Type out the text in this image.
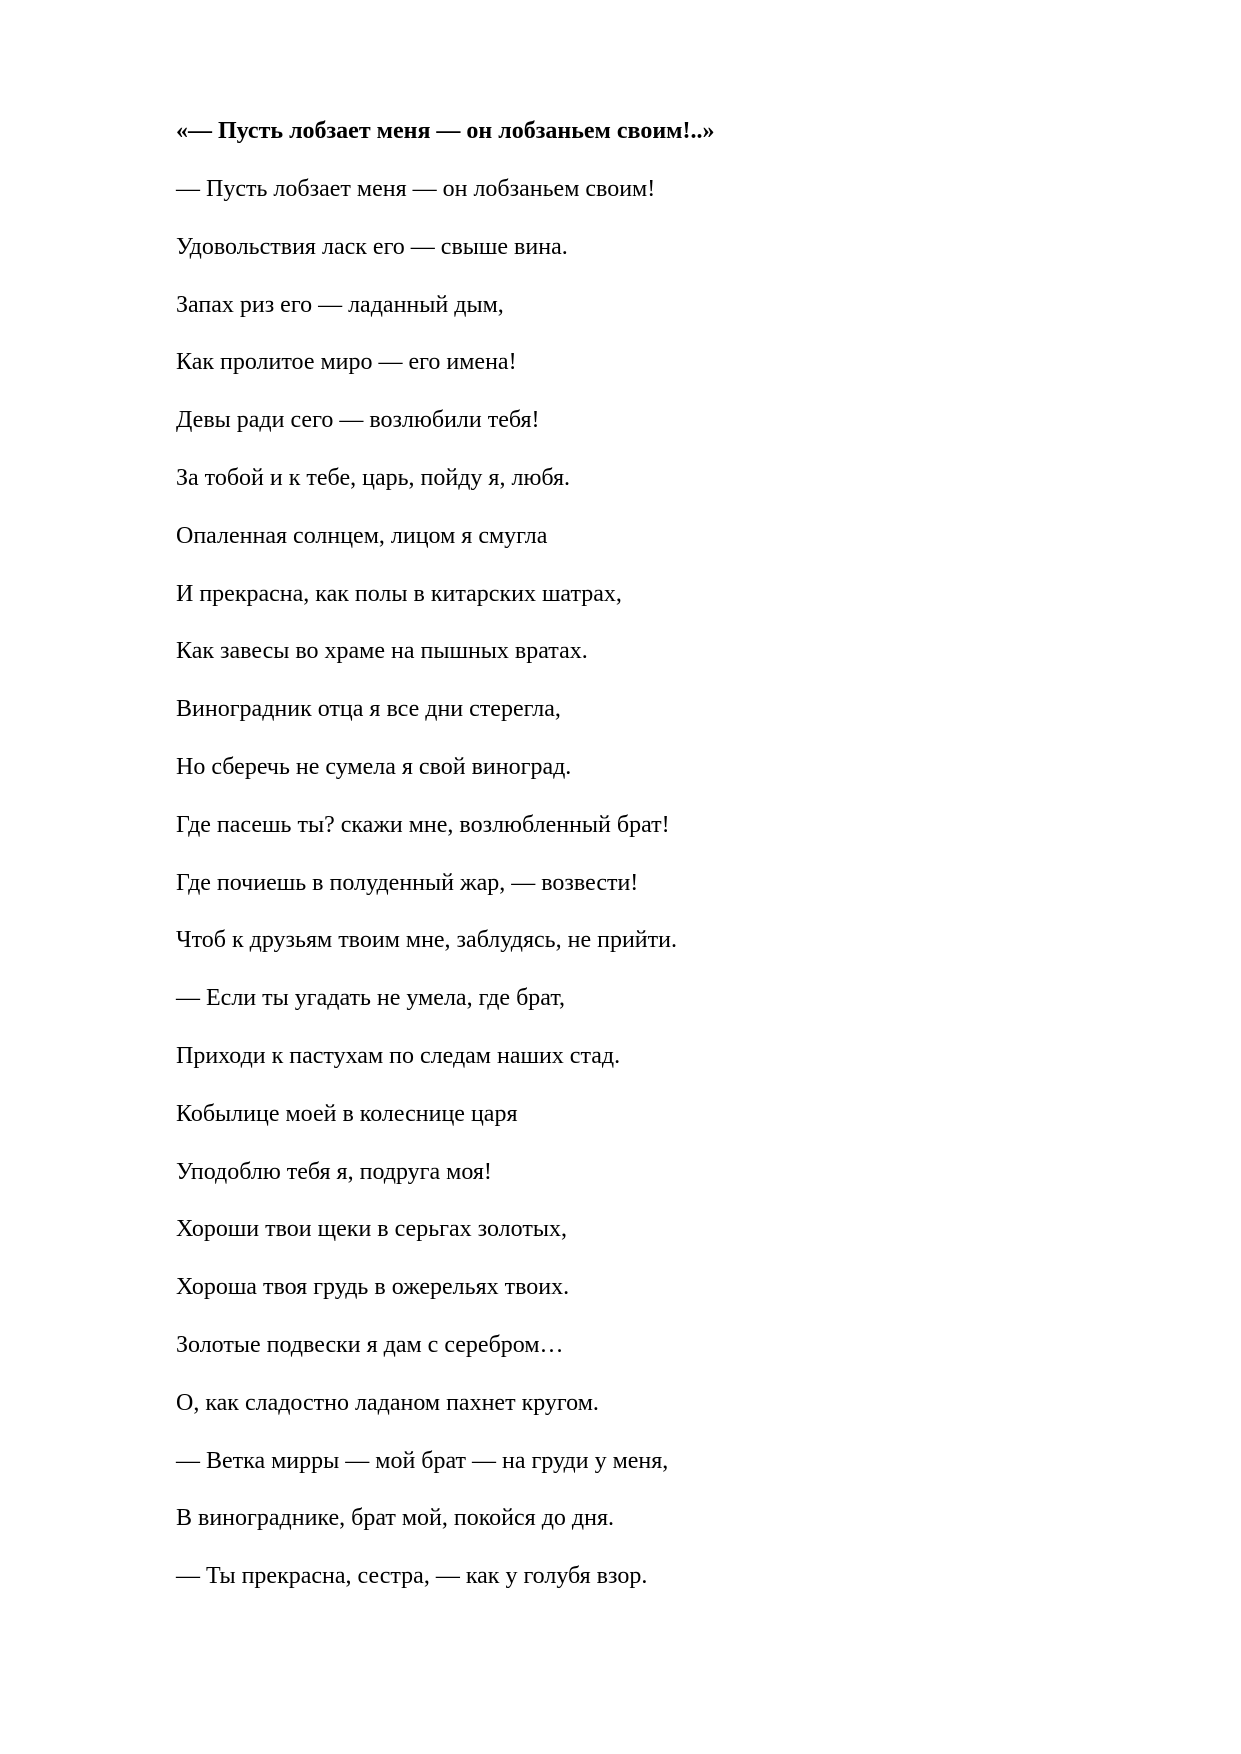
«— Пусть лобзает меня — он лобзаньем своим!..»
— Пусть лобзает меня — он лобзаньем своим!
Удовольствия ласк его — свыше вина.
Запах риз его — ладанный дым,
Как пролитое миро — его имена!
Девы ради сего — возлюбили тебя!
За тобой и к тебе, царь, пойду я, любя.
Опаленная солнцем, лицом я смугла
И прекрасна, как полы в китарских шатрах,
Как завесы во храме на пышных вратах.
Виноградник отца я все дни стерегла,
Но сберечь не сумела я свой виноград.
Где пасешь ты? скажи мне, возлюбленный брат!
Где почиешь в полуденный жар, — возвести!
Чтоб к друзьям твоим мне, заблудясь, не прийти.
— Если ты угадать не умела, где брат,
Приходи к пастухам по следам наших стад.
Кобылице моей в колеснице царя
Уподоблю тебя я, подруга моя!
Хороши твои щеки в серьгах золотых,
Хороша твоя грудь в ожерельях твоих.
Золотые подвески я дам с серебром…
О, как сладостно ладаном пахнет кругом.
— Ветка мирры — мой брат — на груди у меня,
В винограднике, брат мой, покойся до дня.
— Ты прекрасна, сестра, — как у голубя взор.
